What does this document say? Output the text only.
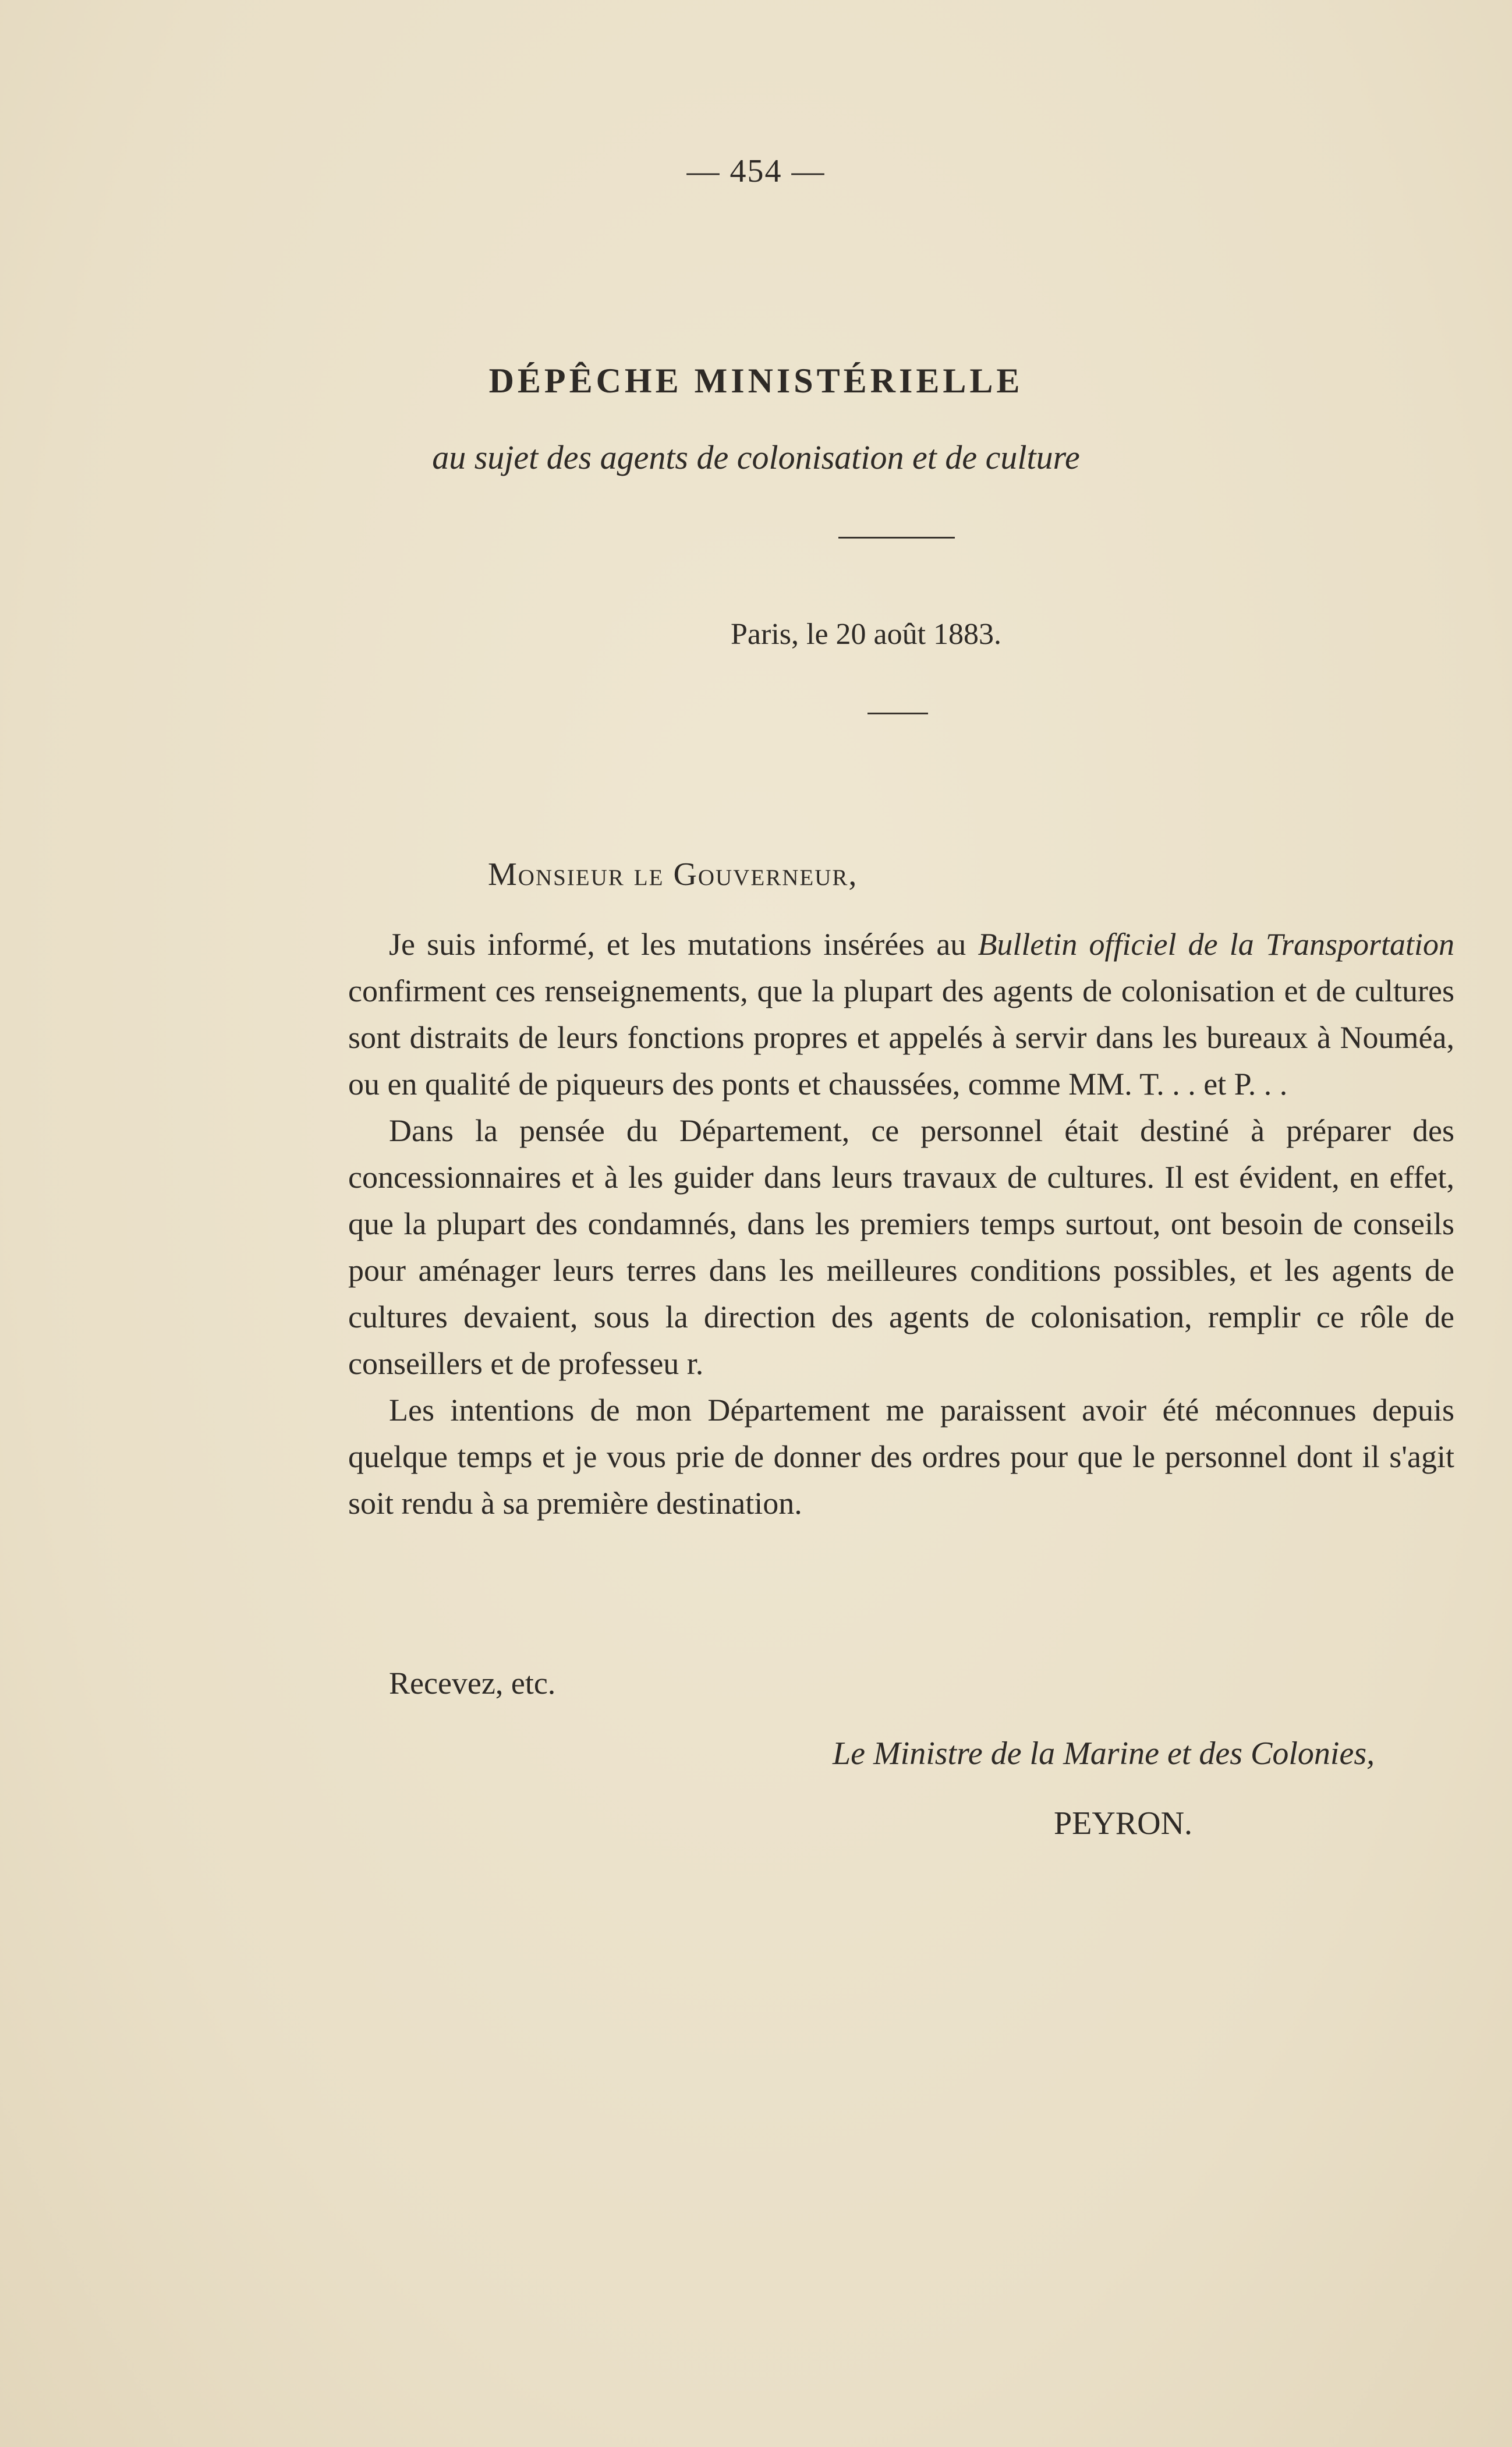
— 454 —
DÉPÊCHE MINISTÉRIELLE
au sujet des agents de colonisation et de culture
Paris, le 20 août 1883.
Monsieur le Gouverneur,

Je suis informé, et les mutations insérées au Bulletin officiel de la Transportation confirment ces renseignements, que la plupart des agents de colonisation et de cultures sont distraits de leurs fonctions propres et appelés à servir dans les bureaux à Nouméa, ou en qualité de piqueurs des ponts et chaussées, comme MM. T. . . et P. . .

Dans la pensée du Département, ce personnel était destiné à préparer des concessionnaires et à les guider dans leurs travaux de cultures. Il est évident, en effet, que la plupart des condamnés, dans les premiers temps surtout, ont besoin de conseils pour aménager leurs terres dans les meilleures conditions possibles, et les agents de cultures devaient, sous la direction des agents de colonisation, remplir ce rôle de conseillers et de professeu r.

Les intentions de mon Département me paraissent avoir été méconnues depuis quelque temps et je vous prie de donner des ordres pour que le personnel dont il s'agit soit rendu à sa première destination.

Recevez, etc.
Le Ministre de la Marine et des Colonies,
PEYRON.
